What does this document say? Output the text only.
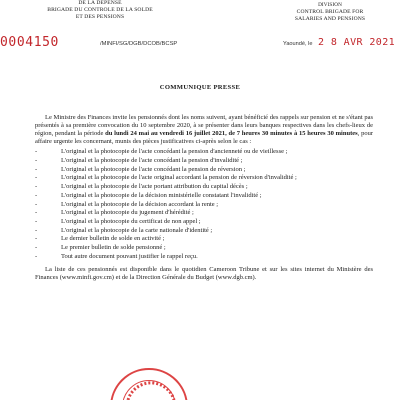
DE LA DEPENSE
BRIGADE DU CONTROLE DE LA SOLDE
ET DES PENSIONS
DIVISION
CONTROL BRIGADE FOR
SALARIES AND PENSIONS
0004150	/MINFI/SG/DGB/DCOB/BCSP	Yaoundé, le 2 8 AVR 2021
COMMUNIQUE PRESSE

Le Ministre des Finances invite les pensionnés dont les noms suivent, ayant bénéficié des rappels sur pension et ne s'étant pas présentés à sa première convocation du 10 septembre 2020, à se présenter dans leurs banques respectives dans les chefs-lieux de région, pendant la période du lundi 24 mai au vendredi 16 juillet 2021, de 7 heures 30 minutes à 15 heures 30 minutes, pour affaire urgente les concernant, munis des pièces justificatives ci-après selon le cas :

-	L'original et la photocopie de l'acte concédant la pension d'ancienneté ou de vieillesse ;
-	L'original et la photocopie de l'acte concédant la pension d'invalidité ;
-	L'original et la photocopie de l'acte concédant la pension de réversion ;
-	L'original et la photocopie de l'acte original accordant la pension de réversion d'invalidité ;
-	L'original et la photocopie de l'acte portant attribution du capital décès ;
-	L'original et la photocopie de la décision ministérielle constatant l'invalidité ;
-	L'original et la photocopie de la décision accordant la rente ;
-	L'original et la photocopie du jugement d'hérédité ;
-	L'original et la photocopie du certificat de non appel ;
-	L'original et la photocopie de la carte nationale d'identité ;
-	Le dernier bulletin de solde en activité ;
-	Le premier bulletin de solde pensionné ;
-	Tout autre document pouvant justifier le rappel reçu.

La liste de ces pensionnés est disponible dans le quotidien Cameroon Tribune et sur les sites internet du Ministère des Finances (www.minfi.gov.cm) et de la Direction Générale du Budget (www.dgb.cm).
